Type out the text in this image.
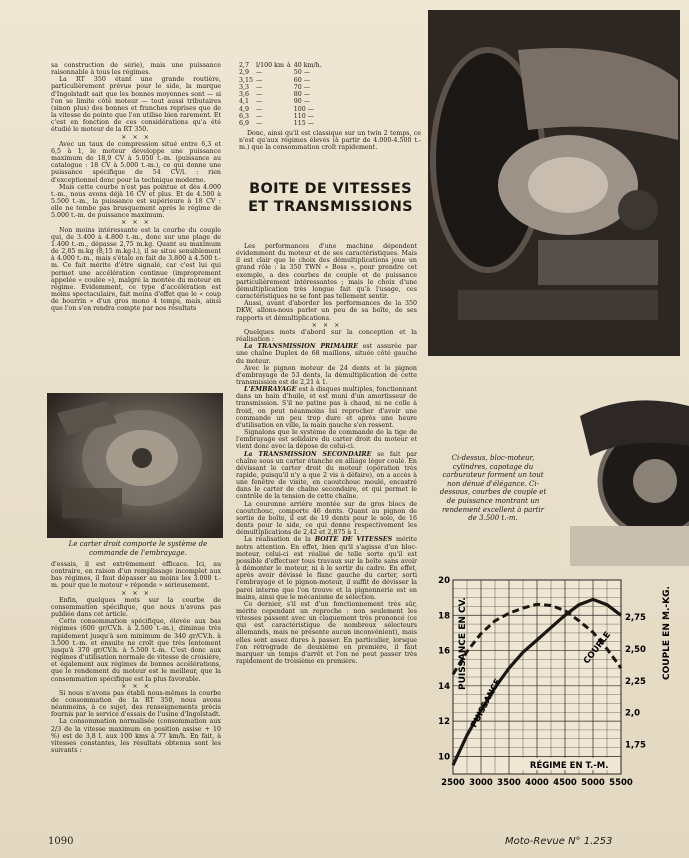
sa construction de série), mais une puissance raisonnable à tous les régimes.

La RT 350 étant une grande routière, particulièrement prévue pour le side, la marque d'Ingolstadt sait que les bonnes moyennes sont — si l'on se limite côté moteur — tout aussi tributaires (sinon plus) des bonnes et franches reprises que de la vitesse de pointe que l'on utilise bien rarement. Et c'est en fonction de ces considérations qu'a été étudié le moteur de la RT 350.

× × ×

Avec un taux de compression situé entre 6,3 et 6,5 à 1, le moteur développe une puissance maximum de 18,9 CV à 5.050 t.-m. (puissance au catalogue : 18 CV à 5.000 t.-m.), ce qui donne une puissance spécifique de 54 CV/l. : rien d'exceptionnel donc pour la technique moderne.

Mais cette courbe n'est pas pointue et dès 4.000 t.-m., nous avons déjà 16 CV et plus. Et de 4.500 à 5.500 t.-m., la puissance est supérieure à 18 CV : elle ne tombe pas brusquement après le régime de 5.000 t.-m. de puissance maximum.

× × ×

Non moins intéressante est la courbe du couple qui, de 3.400 à 4.800 t.-m., donc sur une plage de 1.400 t.-m., dépasse 2,75 m.kg. Quant au maximum de 2,85 m.kg (8,15 m.kg-l.), il se situe sensiblement à 4.000 t.-m., mais s'étale en fait de 3.800 à 4.500 t.-m. Ce fait mérite d'être signalé, car c'est lui qui permet une accélération continue (improprement appelée « coulée »), malgré la montée du moteur en régime. Evidemment, ce type d'accélération est moins spectaculaire, fait moins d'effet que le « coup de bourrin » d'un gros mono 4 temps, mais, ainsi que l'on s'en rendra compte par nos résultats

Le carter droit comporte le système de commande de l'embrayage.

d'essais, il est extrêmement efficace. Ici, au contraire, en raison d'un remplissage incomplet aux bas régimes, il faut dépasser au moins les 3.000 t.-m. pour que le moteur « réponde » sérieusement.

× × ×

Enfin, quelques mots sur la courbe de consommation spécifique, que nous n'avons pas publiée dans cet article.

Cette consommation spécifique, élevée aux bas régimes (600 gr/CV.h. à 2.500 t.-m.), diminue très rapidement jusqu'à son minimum de 340 gr/CV.h. à 3.500 t.-m. et ensuite ne croît que très lentement jusqu'à 370 gr/CV.h. à 5.500 t.-m. C'est donc aux régimes d'utilisation normale de vitesse de croisière, et également aux régimes de bonnes accélérations, que le rendement du moteur est le meilleur, que la consommation spécifique est la plus favorable.

× × ×

Si nous n'avons pas établi nous-mêmes la courbe de consommation de la RT 350, nous avons néanmoins, à ce sujet, des renseignements précis fournis par le service d'essais de l'usine d'Ingolstadt.

La consommation normalisée (consommation aux 2/3 de la vitesse maximum en position assise + 10 %) est de 3,8 l. aux 100 kms à 77 km/h. En fait, à vitesses constantes, les résultats obtenus sont les suivants :

2,7	l/100 km	à	40 km/h.
2,9	—		50 —
3,15	—		60 —
3,3	—		70 —
3,6	—		80 —
4,1	—		90 —
4,9	—		100 —
6,3	—		110 —
6,9	—		115 —

Donc, ainsi qu'il est classique sur un twin 2 temps, ce n'est qu'aux régimes élevés (à partir de 4.000-4.500 t.-m.) que la consommation croît rapidement.

BOITE DE VITESSES
ET TRANSMISSIONS

Les performances d'une machine dépendent évidemment du moteur et de ses caractéristiques. Mais il est clair que le choix des démultiplications joue un grand rôle : la 350 TWN « Boss », pour prendre cet exemple, a des courbes de couple et de puissance particulièrement intéressantes ; mais le choix d'une démultiplication très longue fait qu'à l'usage, ces caractéristiques ne se font pas tellement sentir.

Aussi, avant d'aborder les performances de la 350 DKW, allons-nous parler un peu de sa boîte, de ses rapports et démultiplications.

× × ×

Quelques mots d'abord sur la conception et la réalisation :

La TRANSMISSION PRIMAIRE est assurée par une chaîne Duplex de 68 maillons, située côté gauche du moteur.

Avec le pignon moteur de 24 dents et le pignon d'embrayage de 53 dents, la démultiplication de cette transmission est de 2,21 à 1.

L'EMBRAYAGE est à disques multiples, fonctionnant dans un bain d'huile, et est muni d'un amortisseur de transmission. S'il ne patine pas à chaud, ni ne colle à froid, on peut néanmoins lui reprocher d'avoir une commande un peu trop dure et après une heure d'utilisation en ville, la main gauche s'en ressent.

Signalons que le système de commande de la tige de l'embrayage est solidaire du carter droit du moteur et vient donc avec la dépose de celui-ci.

La TRANSMISSION SECONDAIRE se fait par chaîne sous un carter étanche en alliage léger coulé. En dévissant le carter droit du moteur (opération très rapide, puisqu'il n'y a que 2 vis à défaire), on a accès à une fenêtre de visite, en caoutchouc moulé, encastré dans le carter de chaîne secondaire, et qui permet le contrôle de la tension de cette chaîne.

La couronne arrière montée sur de gros blocs de caoutchouc, comporte 46 dents. Quant au pignon de sortie de boîte, il est de 19 dents pour le solo, de 16 dents pour le side, ce qui donne respectivement les démultiplications de 2,42 et 2,875 à 1.

La réalisation de la BOITE DE VITESSES mérite notre attention. En effet, bien qu'il s'agisse d'un bloc-moteur, celui-ci est réalisé de telle sorte qu'il est possible d'effectuer tous travaux sur la boîte sans avoir à démonter le moteur, ni à le sortir du cadre. En effet, après avoir dévissé le flanc gauche du carter, sorti l'embrayage et le pignon-moteur, il suffit de dévisser la paroi interne que l'on trouve et la pignonnerie est en mains, ainsi que le mécanisme de sélection.

Ce dernier, s'il est d'un fonctionnement très sûr, mérite cependant un reproche : non seulement les vitesses passent avec un claquement très prononcé (ce qui est caractéristique de nombreux sélecteurs allemands, mais ne présente aucun inconvénient), mais elles sont assez dures à passer. En particulier, lorsque l'on rétrograde de deuxième en première, il faut marquer un temps d'arrêt et l'on ne peut passer très rapidement de troisième en première.

Ci-dessus, bloc-moteur, cylindres, capotage du carburateur forment un tout non dénué d'élégance. Ci-dessous, courbes de couple et de puissance montrant un rendement excellent à partir de 3.500 t.-m.
2500 3000 3500 4000 4500 5000 5500
10
12
14
16
18
20
1,75
2,0
2,25
2,50
2,75
PUISSANCE EN CV.	COUPLE EN M.-KG.
RÉGIME EN T.-M.
PUISSANCE
COUPLE
1090	Moto-Revue N° 1.253
